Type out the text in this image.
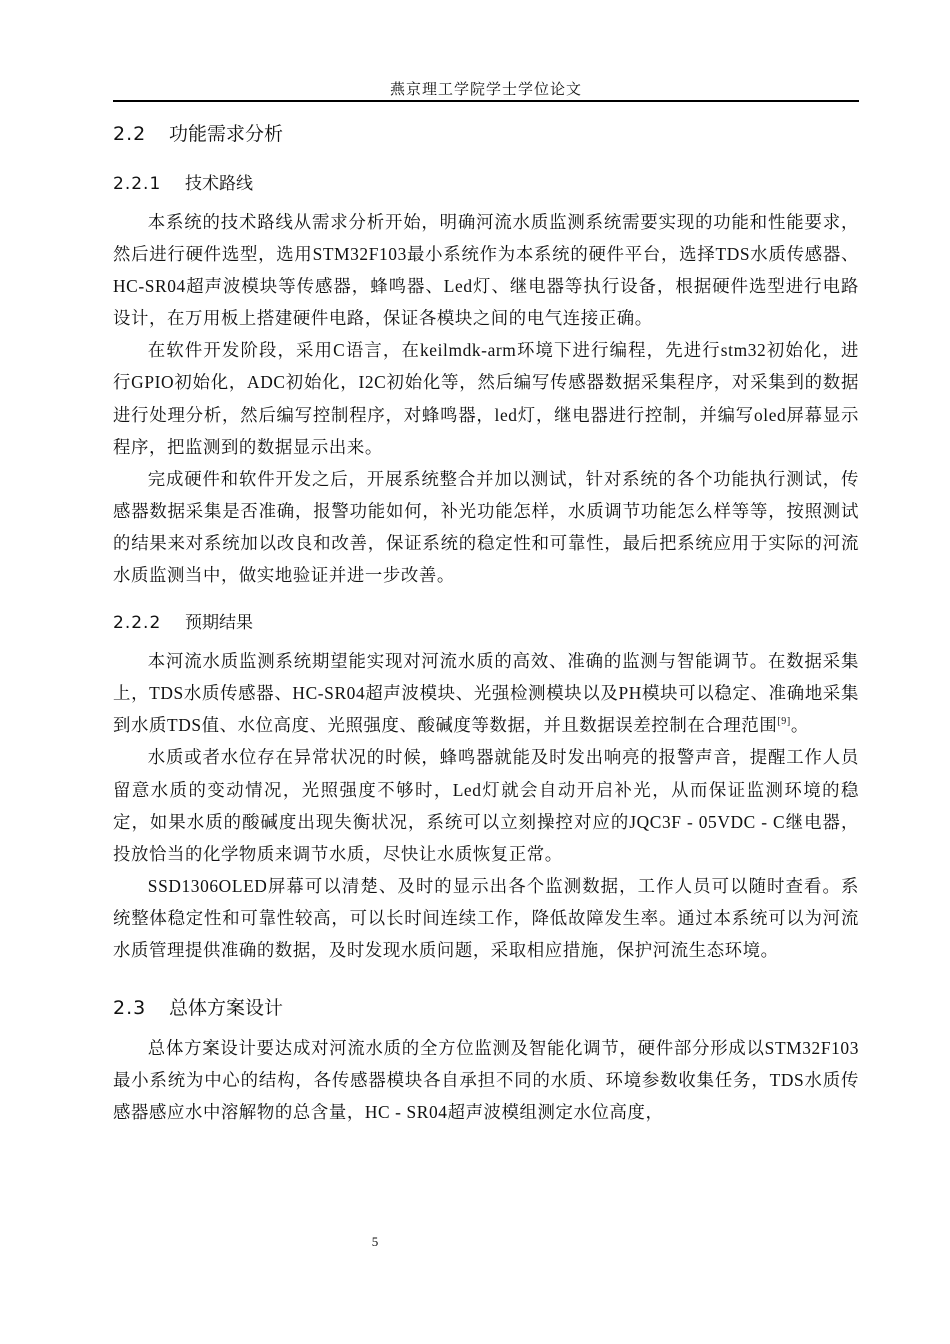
燕京理工学院学士学位论文
2.2 功能需求分析
2.2.1 技术路线

本系统的技术路线从需求分析开始，明确河流水质监测系统需要实现的功能和性能要求，然后进行硬件选型，选用STM32F103最小系统作为本系统的硬件平台，选择TDS水质传感器、HC-SR04超声波模块等传感器，蜂鸣器、Led灯、继电器等执行设备，根据硬件选型进行电路设计，在万用板上搭建硬件电路，保证各模块之间的电气连接正确。

在软件开发阶段，采用C语言，在keilmdk-arm环境下进行编程，先进行stm32初始化，进行GPIO初始化，ADC初始化，I2C初始化等，然后编写传感器数据采集程序，对采集到的数据进行处理分析，然后编写控制程序，对蜂鸣器，led灯，继电器进行控制，并编写oled屏幕显示程序，把监测到的数据显示出来。

完成硬件和软件开发之后，开展系统整合并加以测试，针对系统的各个功能执行测试，传感器数据采集是否准确，报警功能如何，补光功能怎样，水质调节功能怎么样等等，按照测试的结果来对系统加以改良和改善，保证系统的稳定性和可靠性，最后把系统应用于实际的河流水质监测当中，做实地验证并进一步改善。

2.2.2 预期结果

本河流水质监测系统期望能实现对河流水质的高效、准确的监测与智能调节。在数据采集上，TDS水质传感器、HC-SR04超声波模块、光强检测模块以及PH模块可以稳定、准确地采集到水质TDS值、水位高度、光照强度、酸碱度等数据，并且数据误差控制在合理范围[9]。

水质或者水位存在异常状况的时候，蜂鸣器就能及时发出响亮的报警声音，提醒工作人员留意水质的变动情况，光照强度不够时，Led灯就会自动开启补光，从而保证监测环境的稳定，如果水质的酸碱度出现失衡状况，系统可以立刻操控对应的JQC3F - 05VDC - C继电器，投放恰当的化学物质来调节水质，尽快让水质恢复正常。

SSD1306OLED屏幕可以清楚、及时的显示出各个监测数据，工作人员可以随时查看。系统整体稳定性和可靠性较高，可以长时间连续工作，降低故障发生率。通过本系统可以为河流水质管理提供准确的数据，及时发现水质问题，采取相应措施，保护河流生态环境。

2.3 总体方案设计

总体方案设计要达成对河流水质的全方位监测及智能化调节，硬件部分形成以STM32F103最小系统为中心的结构，各传感器模块各自承担不同的水质、环境参数收集任务，TDS水质传感器感应水中溶解物的总含量，HC - SR04超声波模组测定水位高度，

5
